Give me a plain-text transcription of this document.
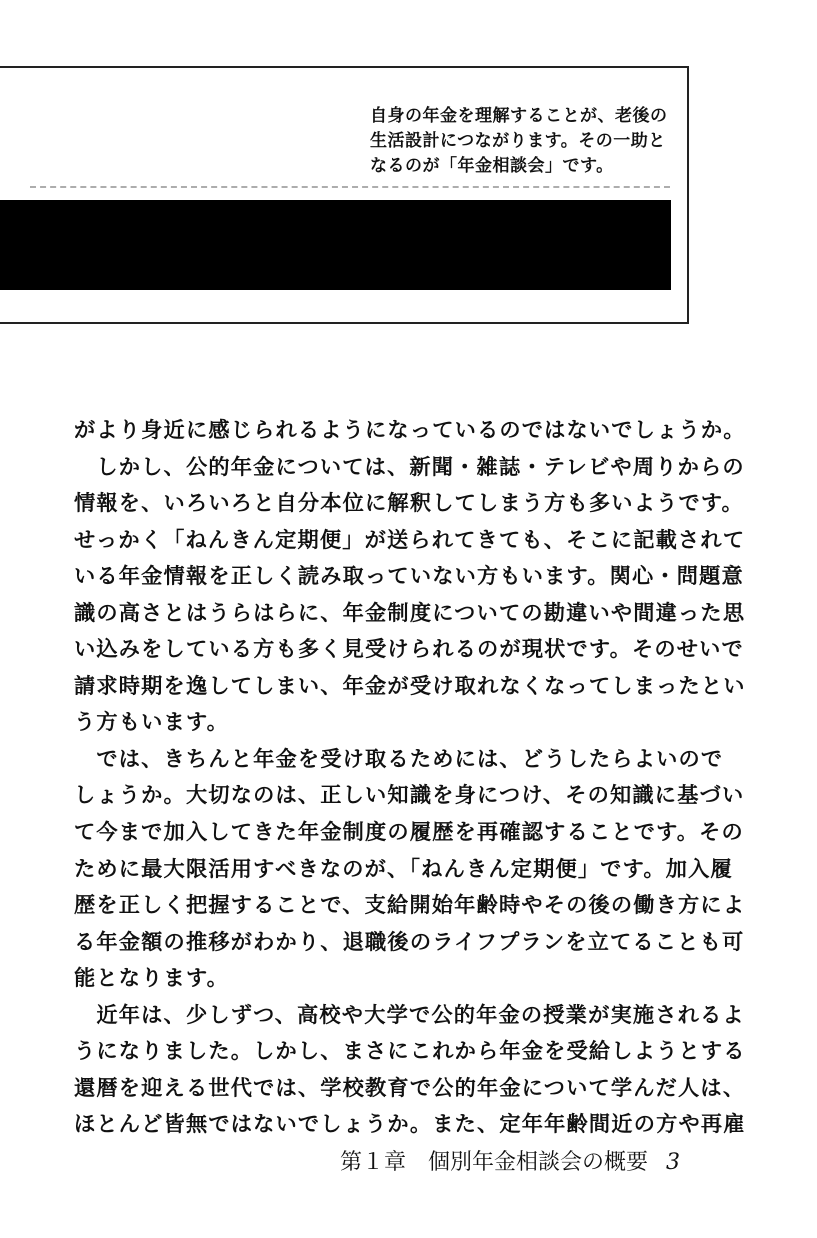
自身の年金を理解することが、老後の
生活設計につながります。その一助と
なるのが「年金相談会」です。
がより身近に感じられるようになっているのではないでしょうか。
　しかし、公的年金については、新聞・雑誌・テレビや周りからの
情報を、いろいろと自分本位に解釈してしまう方も多いようです。
せっかく「ねんきん定期便」が送られてきても、そこに記載されて
いる年金情報を正しく読み取っていない方もいます。関心・問題意
識の高さとはうらはらに、年金制度についての勘違いや間違った思
い込みをしている方も多く見受けられるのが現状です。そのせいで
請求時期を逸してしまい、年金が受け取れなくなってしまったとい
う方もいます。
　では、きちんと年金を受け取るためには、どうしたらよいので
しょうか。大切なのは、正しい知識を身につけ、その知識に基づい
て今まで加入してきた年金制度の履歴を再確認することです。その
ために最大限活用すべきなのが、「ねんきん定期便」です。加入履
歴を正しく把握することで、支給開始年齢時やその後の働き方によ
る年金額の推移がわかり、退職後のライフプランを立てることも可
能となります。
　近年は、少しずつ、高校や大学で公的年金の授業が実施されるよ
うになりました。しかし、まさにこれから年金を受給しようとする
還暦を迎える世代では、学校教育で公的年金について学んだ人は、
ほとんど皆無ではないでしょうか。また、定年年齢間近の方や再雇
第１章　個別年金相談会の概要 3
